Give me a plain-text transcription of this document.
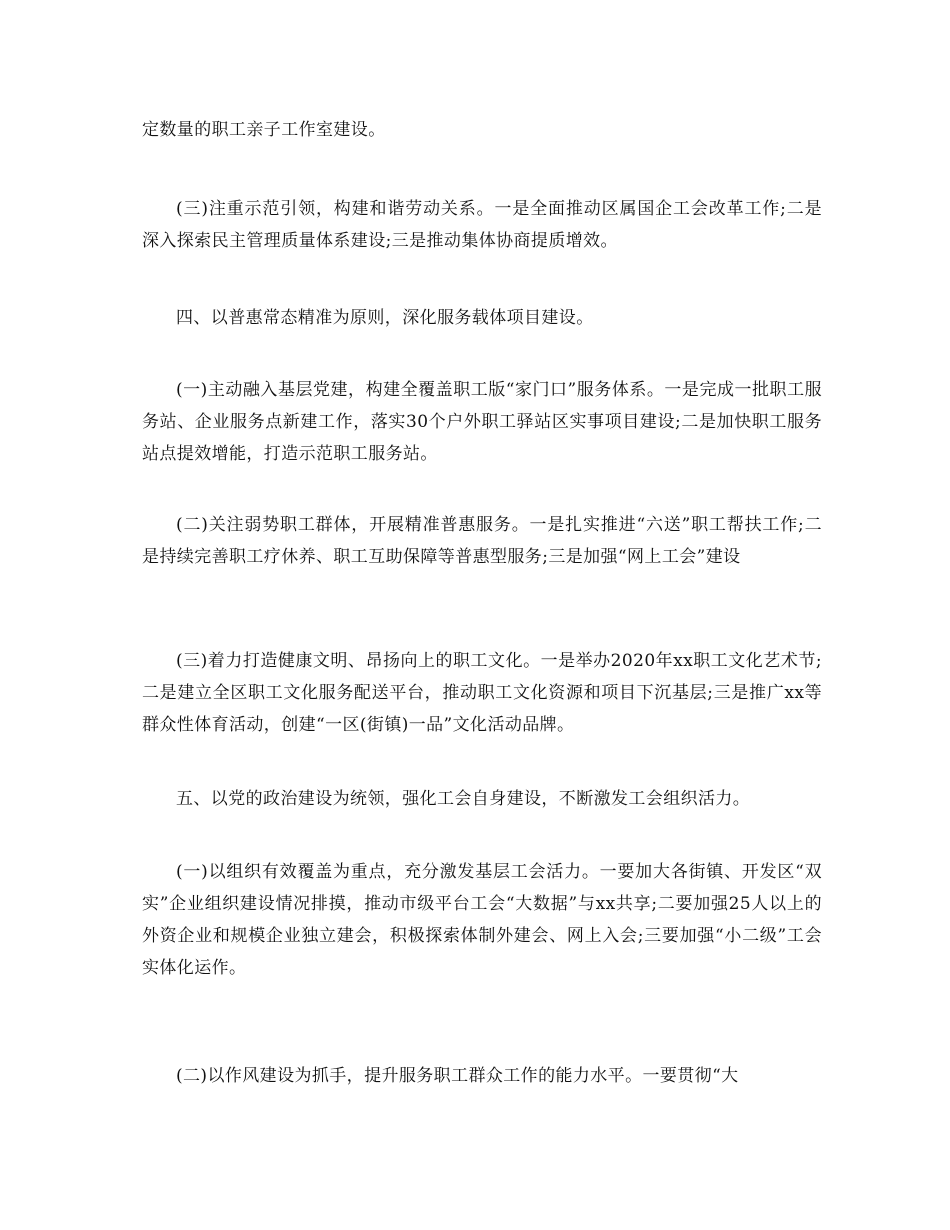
定数量的职工亲子工作室建设。

(三)注重示范引领，构建和谐劳动关系。一是全面推动区属国企工会改革工作;二是深入探索民主管理质量体系建设;三是推动集体协商提质增效。

四、以普惠常态精准为原则，深化服务载体项目建设。

(一)主动融入基层党建，构建全覆盖职工版“家门口”服务体系。一是完成一批职工服务站、企业服务点新建工作，落实30个户外职工驿站区实事项目建设;二是加快职工服务站点提效增能，打造示范职工服务站。

(二)关注弱势职工群体，开展精准普惠服务。一是扎实推进“六送”职工帮扶工作;二是持续完善职工疗休养、职工互助保障等普惠型服务;三是加强“网上工会”建设

(三)着力打造健康文明、昂扬向上的职工文化。一是举办2020年xx职工文化艺术节;二是建立全区职工文化服务配送平台，推动职工文化资源和项目下沉基层;三是推广xx等群众性体育活动，创建“一区(街镇)一品”文化活动品牌。

五、以党的政治建设为统领，强化工会自身建设，不断激发工会组织活力。

(一)以组织有效覆盖为重点，充分激发基层工会活力。一要加大各街镇、开发区“双实”企业组织建设情况排摸，推动市级平台工会“大数据”与xx共享;二要加强25人以上的外资企业和规模企业独立建会，积极探索体制外建会、网上入会;三要加强“小二级”工会实体化运作。

(二)以作风建设为抓手，提升服务职工群众工作的能力水平。一要贯彻“大
